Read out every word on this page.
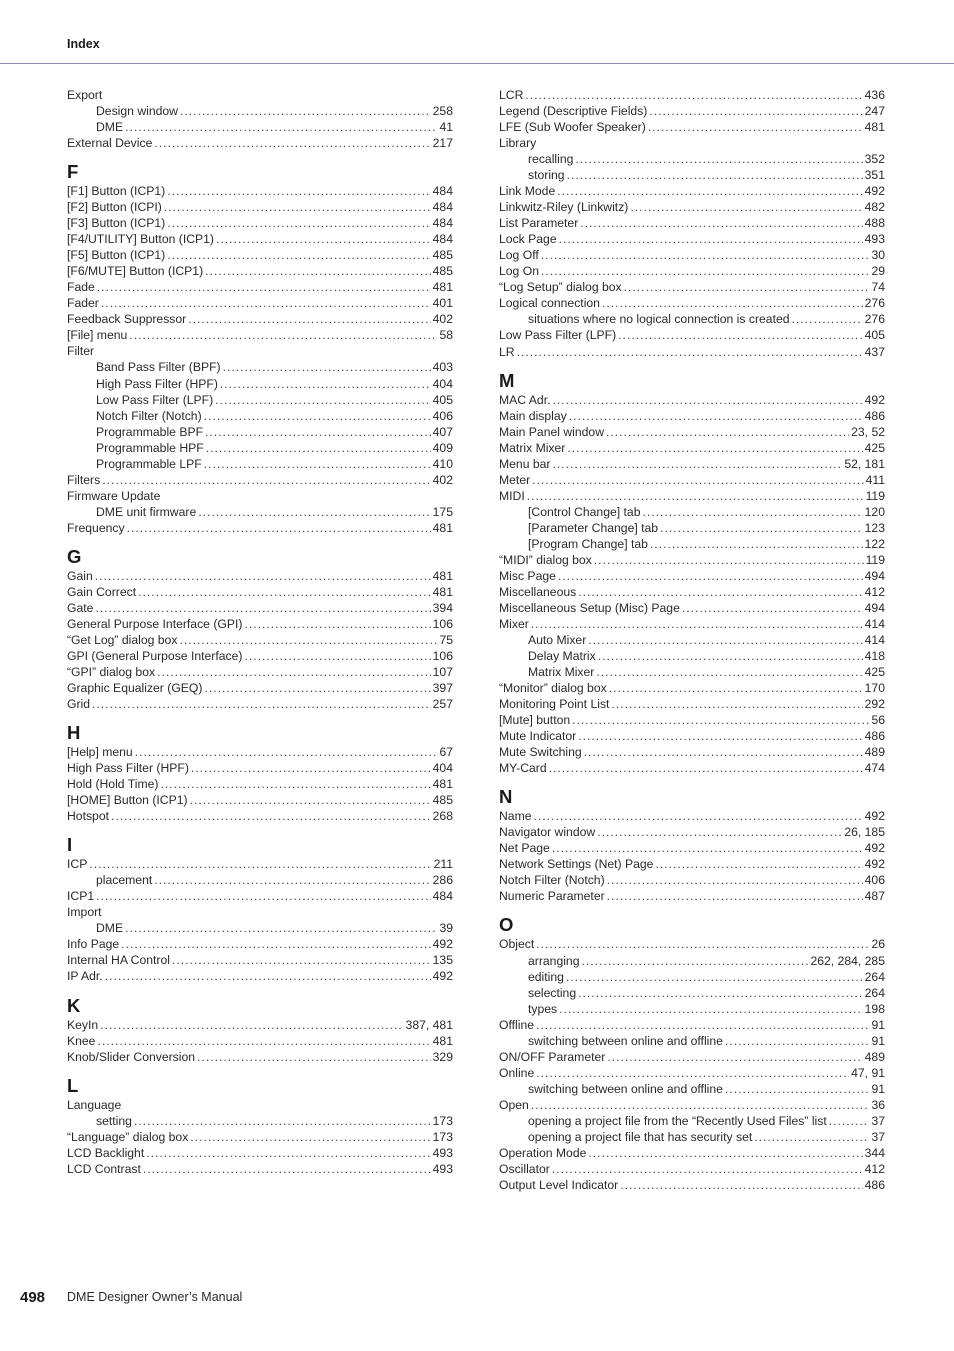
Index
Export
Design window .....	258
DME .....	41
External Device .....	217
F
[F1] Button (ICP1) .....	484
[F2] Button (ICPI) .....	484
[F3] Button (ICP1) .....	484
[F4/UTILITY] Button (ICP1) .....	484
[F5] Button (ICP1) .....	485
[F6/MUTE] Button (ICP1) .....	485
Fade .....	481
Fader .....	401
Feedback Suppressor .....	402
[File] menu .....	58
Filter
Band Pass Filter (BPF) .....	403
High Pass Filter (HPF) .....	404
Low Pass Filter (LPF) .....	405
Notch Filter (Notch) .....	406
Programmable BPF .....	407
Programmable HPF .....	409
Programmable LPF .....	410
Filters .....	402
Firmware Update
DME unit firmware .....	175
Frequency .....	481
G
Gain .....	481
Gain Correct .....	481
Gate .....	394
General Purpose Interface (GPI) .....	106
“Get Log” dialog box .....	75
GPI (General Purpose Interface) .....	106
“GPI” dialog box .....	107
Graphic Equalizer (GEQ) .....	397
Grid .....	257
H
[Help] menu .....	67
High Pass Filter (HPF) .....	404
Hold (Hold Time) .....	481
[HOME] Button (ICP1) .....	485
Hotspot .....	268
I
ICP .....	211
placement .....	286
ICP1 .....	484
Import
DME .....	39
Info Page .....	492
Internal HA Control .....	135
IP Adr. .....	492
K
KeyIn .....	387, 481
Knee .....	481
Knob/Slider Conversion .....	329
L
Language
setting .....	173
“Language” dialog box .....	173
LCD Backlight .....	493
LCD Contrast .....	493
LCR .....	436
Legend (Descriptive Fields) .....	247
LFE (Sub Woofer Speaker) .....	481
Library
recalling .....	352
storing .....	351
Link Mode .....	492
Linkwitz-Riley (Linkwitz) .....	482
List Parameter .....	488
Lock Page .....	493
Log Off .....	30
Log On .....	29
“Log Setup” dialog box .....	74
Logical connection .....	276
situations where no logical connection is created .....	276
Low Pass Filter (LPF) .....	405
LR .....	437
M
MAC Adr. .....	492
Main display .....	486
Main Panel window .....	23, 52
Matrix Mixer .....	425
Menu bar .....	52, 181
Meter .....	411
MIDI .....	119
[Control Change] tab .....	120
[Parameter Change] tab .....	123
[Program Change] tab .....	122
“MIDI” dialog box .....	119
Misc Page .....	494
Miscellaneous .....	412
Miscellaneous Setup (Misc) Page .....	494
Mixer .....	414
Auto Mixer .....	414
Delay Matrix .....	418
Matrix Mixer .....	425
“Monitor” dialog box .....	170
Monitoring Point List .....	292
[Mute] button .....	56
Mute Indicator .....	486
Mute Switching .....	489
MY-Card .....	474
N
Name .....	492
Navigator window .....	26, 185
Net Page .....	492
Network Settings (Net) Page .....	492
Notch Filter (Notch) .....	406
Numeric Parameter .....	487
O
Object .....	26
arranging .....	262, 284, 285
editing .....	264
selecting .....	264
types .....	198
Offline .....	91
switching between online and offline .....	91
ON/OFF Parameter .....	489
Online .....	47, 91
switching between online and offline .....	91
Open .....	36
opening a project file from the “Recently Used Files” list .....	37
opening a project file that has security set .....	37
Operation Mode .....	344
Oscillator .....	412
Output Level Indicator .....	486
498 DME Designer Owner’s Manual
